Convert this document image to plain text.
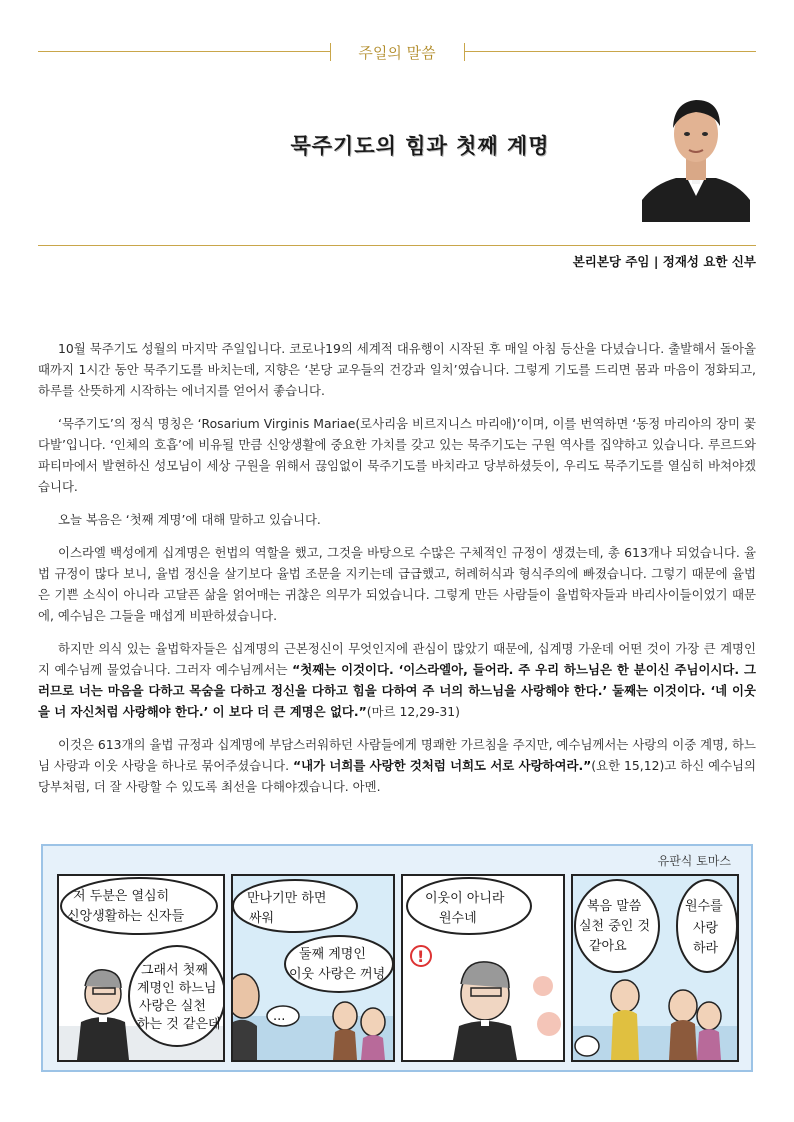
주일의 말씀
묵주기도의 힘과 첫째 계명
본리본당 주임 | 정재성 요한 신부

10월 묵주기도 성월의 마지막 주일입니다. 코로나19의 세계적 대유행이 시작된 후 매일 아침 등산을 다녔습니다. 출발해서 돌아올 때까지 1시간 동안 묵주기도를 바치는데, 지향은 ‘본당 교우들의 건강과 일치’였습니다. 그렇게 기도를 드리면 몸과 마음이 정화되고, 하루를 산뜻하게 시작하는 에너지를 얻어서 좋습니다.

‘묵주기도’의 정식 명칭은 ‘Rosarium Virginis Mariae(로사리움 비르지니스 마리애)’이며, 이를 번역하면 ‘동정 마리아의 장미 꽃다발’입니다. ‘인체의 호흡’에 비유될 만큼 신앙생활에 중요한 가치를 갖고 있는 묵주기도는 구원 역사를 집약하고 있습니다. 루르드와 파티마에서 발현하신 성모님이 세상 구원을 위해서 끊임없이 묵주기도를 바치라고 당부하셨듯이, 우리도 묵주기도를 열심히 바쳐야겠습니다.

오늘 복음은 ‘첫째 계명’에 대해 말하고 있습니다.

이스라엘 백성에게 십계명은 헌법의 역할을 했고, 그것을 바탕으로 수많은 구체적인 규정이 생겼는데, 총 613개나 되었습니다. 율법 규정이 많다 보니, 율법 정신을 살기보다 율법 조문을 지키는데 급급했고, 허례허식과 형식주의에 빠졌습니다. 그렇기 때문에 율법은 기쁜 소식이 아니라 고달픈 삶을 얽어매는 귀찮은 의무가 되었습니다. 그렇게 만든 사람들이 율법학자들과 바리사이들이었기 때문에, 예수님은 그들을 매섭게 비판하셨습니다.

하지만 의식 있는 율법학자들은 십계명의 근본정신이 무엇인지에 관심이 많았기 때문에, 십계명 가운데 어떤 것이 가장 큰 계명인지 예수님께 물었습니다. 그러자 예수님께서는 “첫째는 이것이다. ‘이스라엘아, 들어라. 주 우리 하느님은 한 분이신 주님이시다. 그러므로 너는 마음을 다하고 목숨을 다하고 정신을 다하고 힘을 다하여 주 너의 하느님을 사랑해야 한다.’ 둘째는 이것이다. ‘네 이웃을 너 자신처럼 사랑해야 한다.’ 이 보다 더 큰 계명은 없다.”(마르 12,29-31)

이것은 613개의 율법 규정과 십계명에 부담스러워하던 사람들에게 명쾌한 가르침을 주지만, 예수님께서는 사랑의 이중 계명, 하느님 사랑과 이웃 사랑을 하나로 묶어주셨습니다. “내가 너희를 사랑한 것처럼 너희도 서로 사랑하여라.”(요한 15,12)고 하신 예수님의 당부처럼, 더 잘 사랑할 수 있도록 최선을 다해야겠습니다. 아멘.

유판식 토마스
저 두분은 열심히
신앙생활하는 신자들
그래서 첫째
계명인 하느님
사랑은 실천
하는 것 같은데
만나기만 하면
싸워
둘째 계명인
이웃 사랑은 꺼녕
...
이웃이 아니라
원수네
!
복음 말씀
실천 중인 것
같아요
원수를
사랑
하라
